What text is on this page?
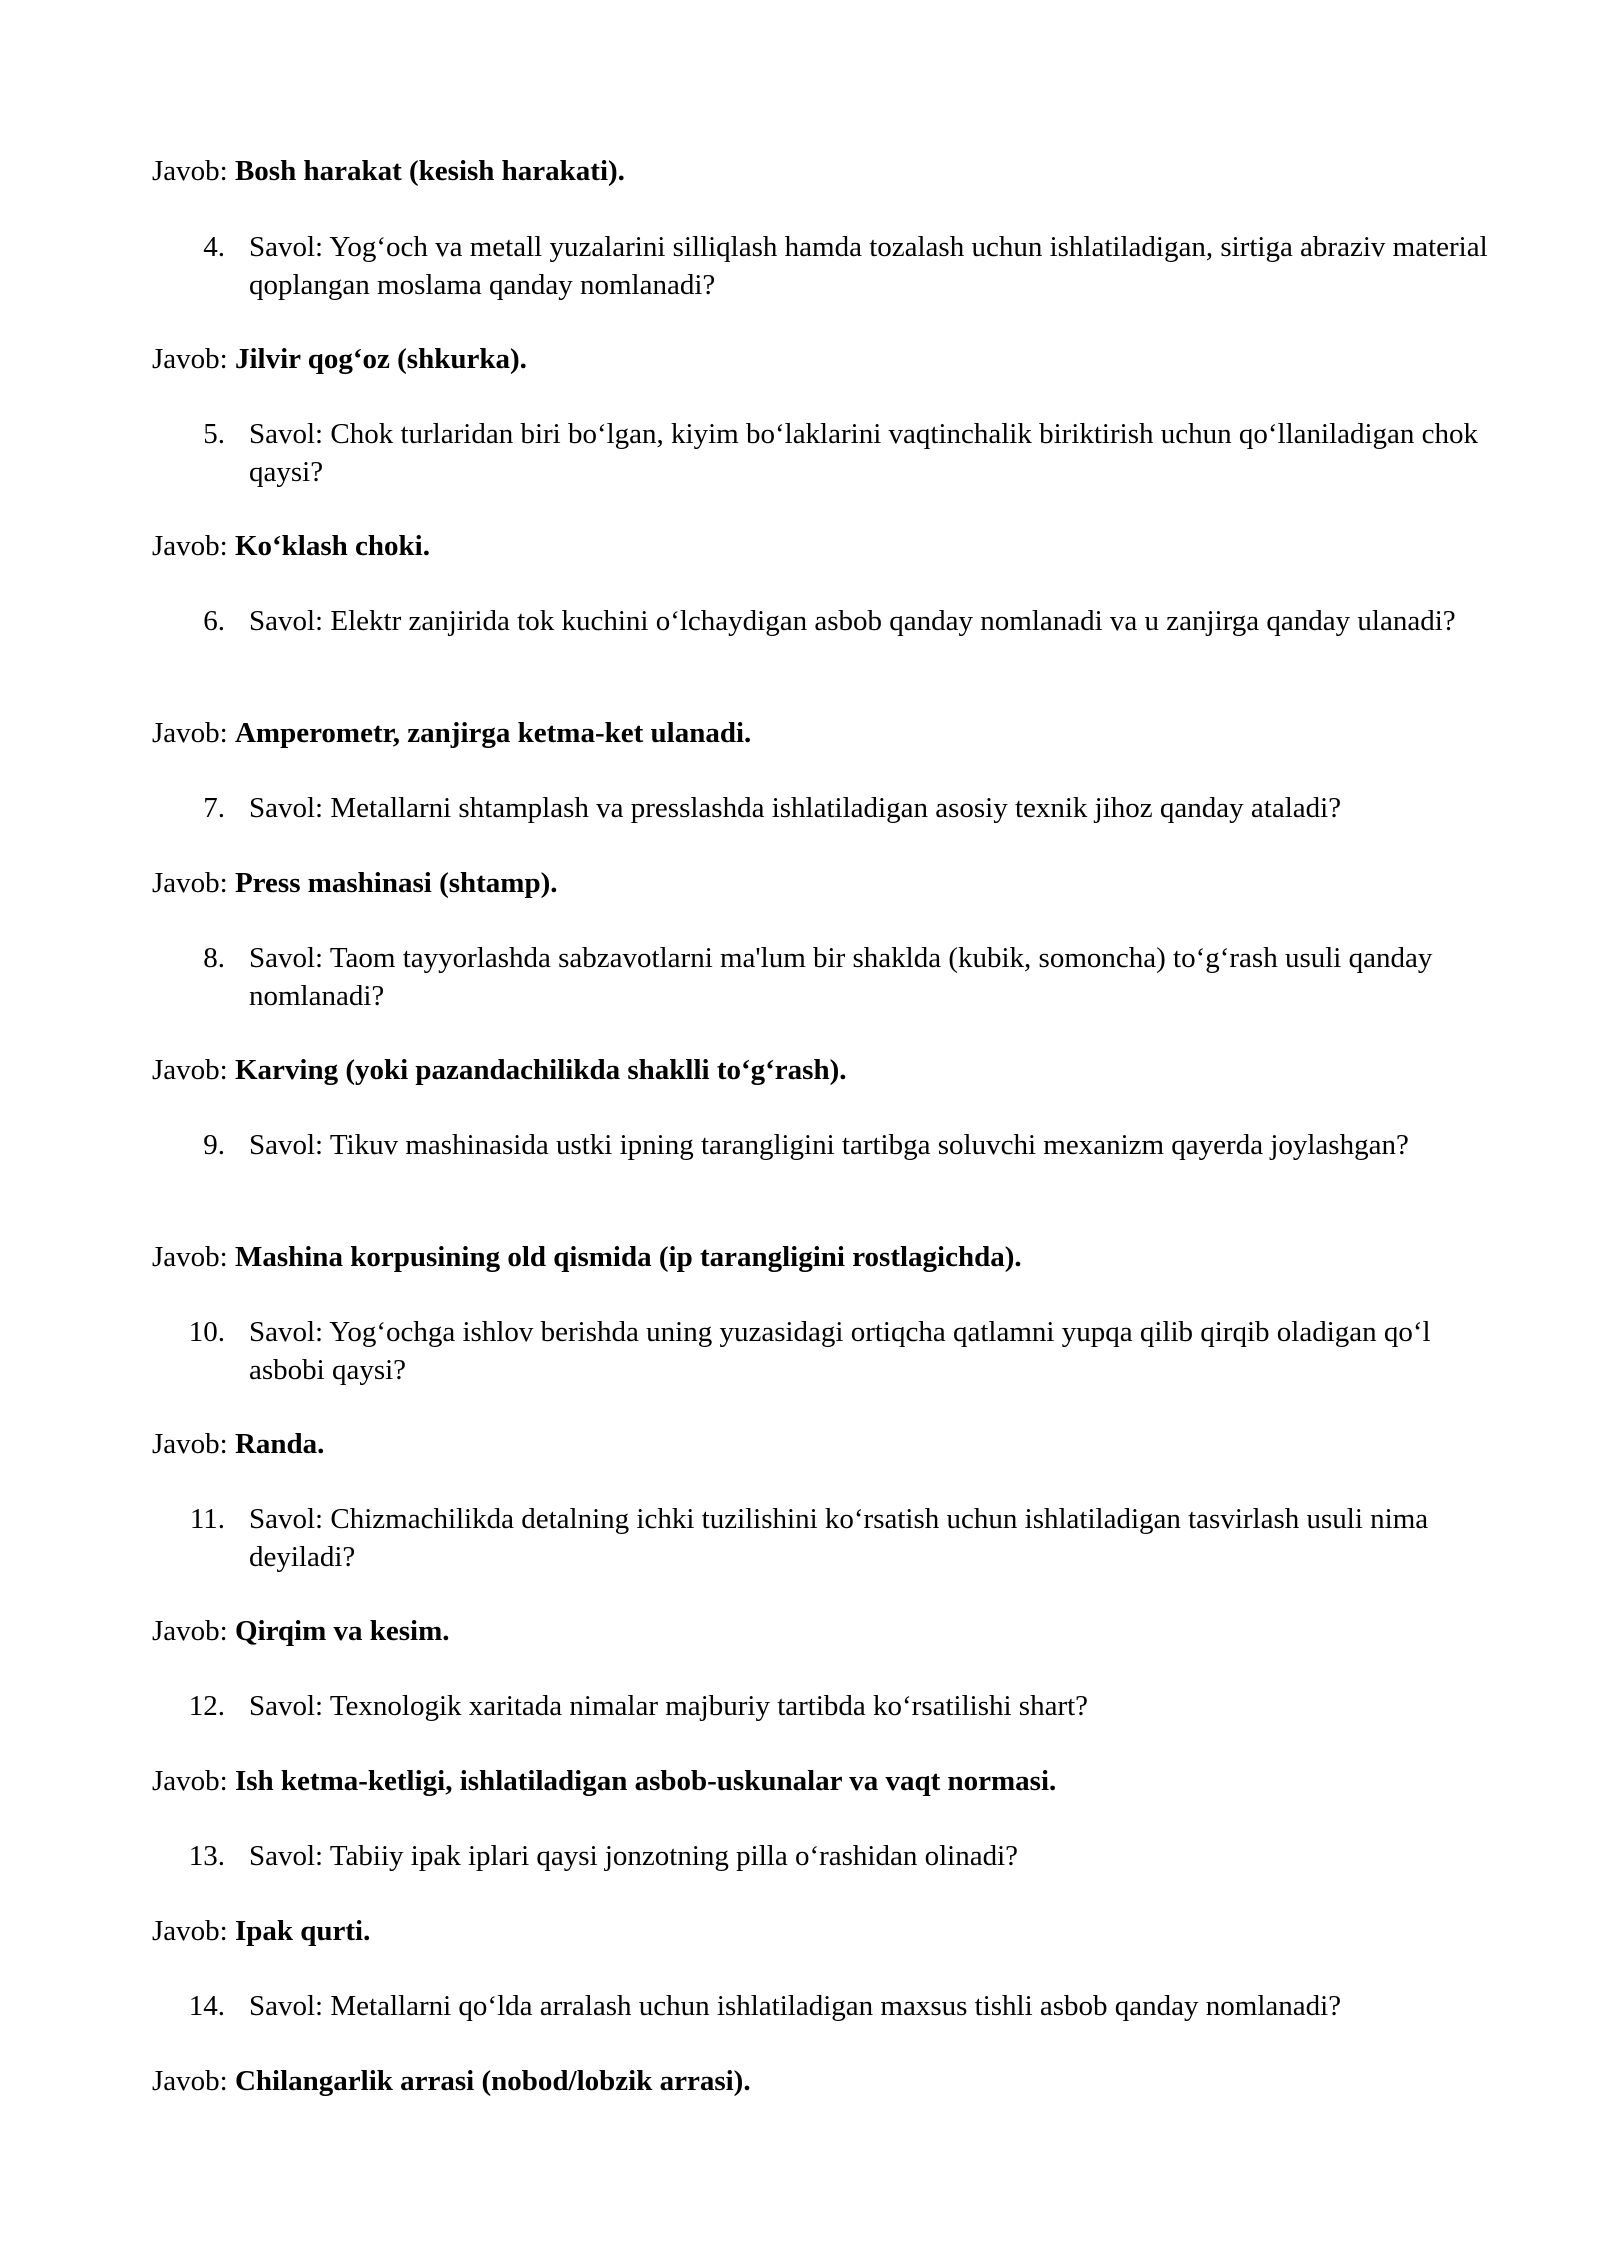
Javob: Bosh harakat (kesish harakati).
4. Savol: Yog‘och va metall yuzalarini silliqlash hamda tozalash uchun ishlatiladigan, sirtiga abraziv material qoplangan moslama qanday nomlanadi?
Javob: Jilvir qog‘oz (shkurka).
5. Savol: Chok turlaridan biri bo‘lgan, kiyim bo‘laklarini vaqtinchalik biriktirish uchun qo‘llaniladigan chok qaysi?
Javob: Ko‘klash choki.
6. Savol: Elektr zanjirida tok kuchini o‘lchaydigan asbob qanday nomlanadi va u zanjirga qanday ulanadi?
Javob: Amperometr, zanjirga ketma-ket ulanadi.
7. Savol: Metallarni shtamplash va presslashda ishlatiladigan asosiy texnik jihoz qanday ataladi?
Javob: Press mashinasi (shtamp).
8. Savol: Taom tayyorlashda sabzavotlarni ma'lum bir shaklda (kubik, somoncha) to‘g‘rash usuli qanday nomlanadi?
Javob: Karving (yoki pazandachilikda shaklli to‘g‘rash).
9. Savol: Tikuv mashinasida ustki ipning tarangligini tartibga soluvchi mexanizm qayerda joylashgan?
Javob: Mashina korpusining old qismida (ip tarangligini rostlagichda).
10. Savol: Yog‘ochga ishlov berishda uning yuzasidagi ortiqcha qatlamni yupqa qilib qirqib oladigan qo‘l asbobi qaysi?
Javob: Randa.
11. Savol: Chizmachilikda detalning ichki tuzilishini ko‘rsatish uchun ishlatiladigan tasvirlash usuli nima deyiladi?
Javob: Qirqim va kesim.
12. Savol: Texnologik xaritada nimalar majburiy tartibda ko‘rsatilishi shart?
Javob: Ish ketma-ketligi, ishlatiladigan asbob-uskunalar va vaqt normasi.
13. Savol: Tabiiy ipak iplari qaysi jonzotning pilla o‘rashidan olinadi?
Javob: Ipak qurti.
14. Savol: Metallarni qo‘lda arralash uchun ishlatiladigan maxsus tishli asbob qanday nomlanadi?
Javob: Chilangarlik arrasi (nobod/lobzik arrasi).
